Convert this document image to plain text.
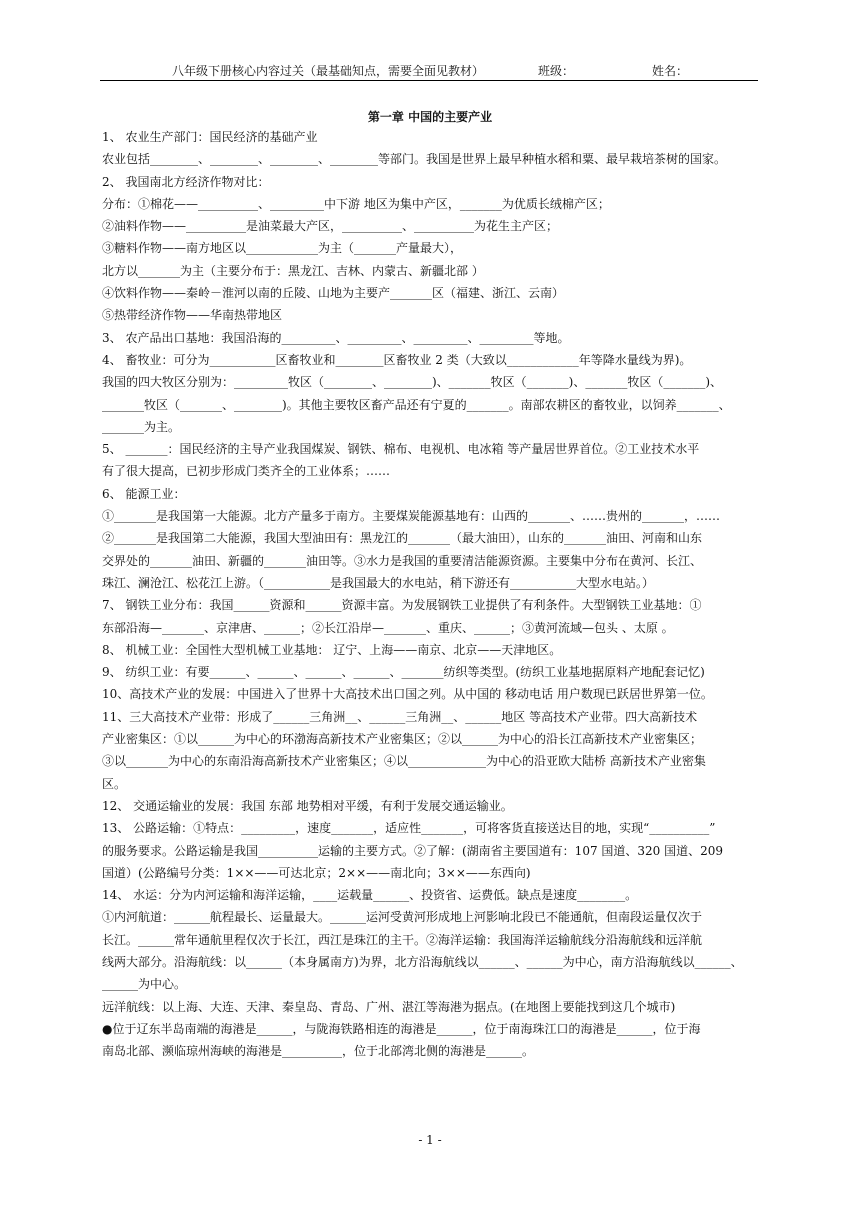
八年级下册核心内容过关（最基础知点，需要全面见教材）	班级：	姓名：
第一章 中国的主要产业
1、 农业生产部门：国民经济的基础产业
农业包括________、________、________、________等部门。我国是世界上最早种植水稻和粟、最早栽培茶树的国家。
2、 我国南北方经济作物对比：
分布：①棉花——__________、_________中下游 地区为集中产区，_______为优质长绒棉产区；
②油料作物——__________是油菜最大产区，__________、__________为花生主产区；
③糖料作物——南方地区以____________为主（_______产量最大），
北方以_______为主（主要分布于：黑龙江、吉林、内蒙古、新疆北部 ）
④饮料作物——秦岭－淮河以南的丘陵、山地为主要产_______区（福建、浙江、云南）
⑤热带经济作物——华南热带地区
3、 农产品出口基地：我国沿海的_________、_________、_________、_________等地。
4、 畜牧业：可分为___________区畜牧业和________区畜牧业 2 类（大致以____________年等降水量线为界)。
我国的四大牧区分别为：_________牧区（________、________)、_______牧区（_______)、_______牧区（_______)、
_______牧区（_______、________)。其他主要牧区畜产品还有宁夏的_______。南部农耕区的畜牧业，以饲养_______、
_______为主。
5、 _______：国民经济的主导产业我国煤炭、钢铁、棉布、电视机、电冰箱 等产量居世界首位。②工业技术水平
有了很大提高，已初步形成门类齐全的工业体系；……
6、 能源工业：
①_______是我国第一大能源。北方产量多于南方。主要煤炭能源基地有：山西的_______、……贵州的_______，……
②_______是我国第二大能源，我国大型油田有：黑龙江的_______（最大油田），山东的_______油田、河南和山东
交界处的_______油田、新疆的_______油田等。③水力是我国的重要清洁能源资源。主要集中分布在黄河、长江、
珠江、澜沧江、松花江上游。（___________是我国最大的水电站，稍下游还有___________大型水电站。）
7、 钢铁工业分布：我国______资源和______资源丰富。为发展钢铁工业提供了有利条件。大型钢铁工业基地：①
东部沿海—_______、京津唐、______；②长江沿岸—_______、重庆、______；③黄河流域—包头 、太原 。
8、 机械工业：全国性大型机械工业基地： 辽宁、上海——南京、北京——天津地区。
9、 纺织工业：有要______、______、______、______、_______纺织等类型。(纺织工业基地据原料产地配套记忆)
10、高技术产业的发展：中国进入了世界十大高技术出口国之列。从中国的 移动电话 用户数现已跃居世界第一位。
11、三大高技术产业带：形成了______三角洲__、______三角洲__、______地区 等高技术产业带。四大高新技术
产业密集区：①以______为中心的环渤海高新技术产业密集区；②以______为中心的沿长江高新技术产业密集区；
③以_______为中心的东南沿海高新技术产业密集区；④以_____________为中心的沿亚欧大陆桥 高新技术产业密集
区。
12、 交通运输业的发展：我国 东部 地势相对平缓，有利于发展交通运输业。
13、 公路运输：①特点：_________，速度_______，适应性_______，可将客货直接送达目的地，实现“__________”
的服务要求。公路运输是我国__________运输的主要方式。②了解：(湖南省主要国道有：107 国道、320 国道、209
国道）(公路编号分类：1××——可达北京；2××——南北向；3××——东西向)
14、 水运：分为内河运输和海洋运输，____运载量______、投资省、运费低。缺点是速度________。
①内河航道：______航程最长、运量最大。______运河受黄河形成地上河影响北段已不能通航，但南段运量仅次于
长江。______常年通航里程仅次于长江，西江是珠江的主干。②海洋运输：我国海洋运输航线分沿海航线和远洋航
线两大部分。沿海航线：以______（本身属南方)为界，北方沿海航线以______、______为中心，南方沿海航线以______、
______为中心。
远洋航线：以上海、大连、天津、秦皇岛、青岛、广州、湛江等海港为据点。(在地图上要能找到这几个城市)
●位于辽东半岛南端的海港是______，与陇海铁路相连的海港是______，位于南海珠江口的海港是______，位于海
南岛北部、濒临琼州海峡的海港是__________，位于北部湾北侧的海港是______。
- 1 -
